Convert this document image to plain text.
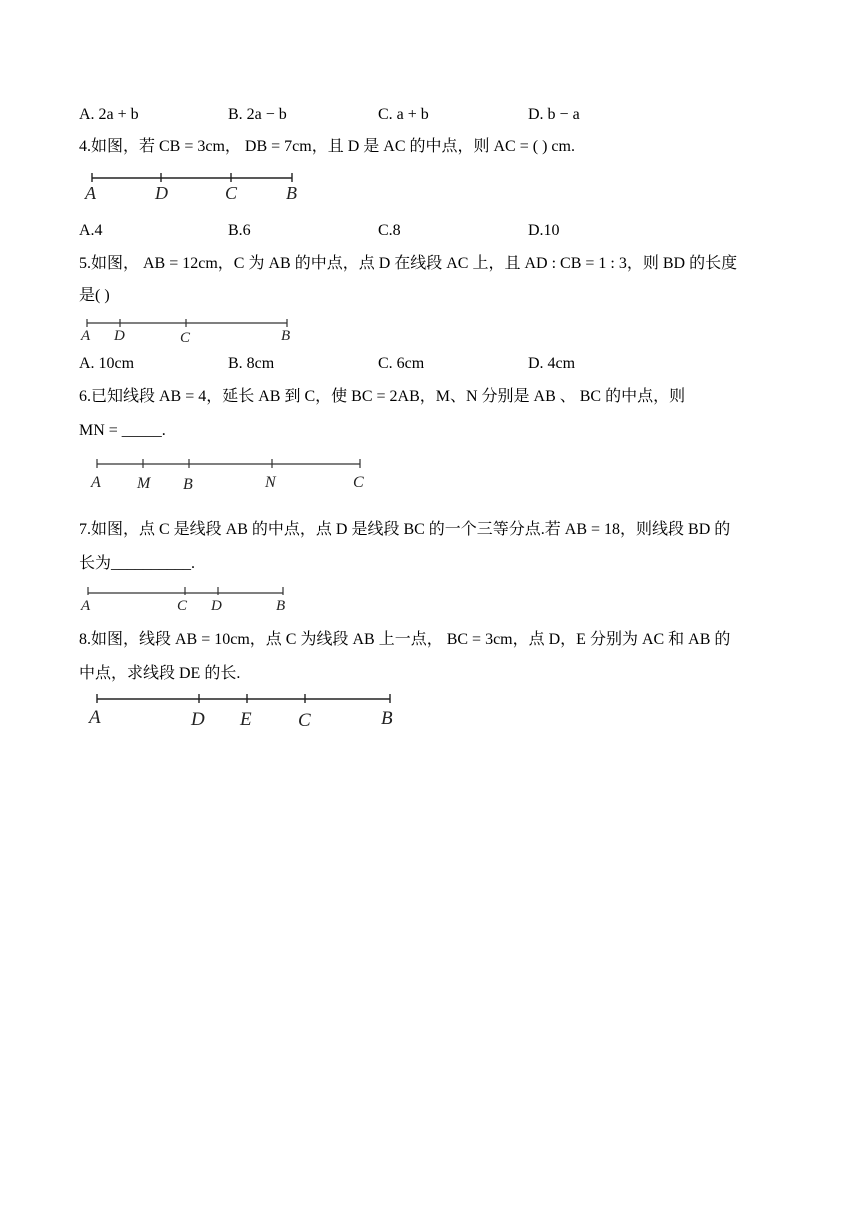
A. 2a + b	B. 2a − b	C. a + b	D. b − a
4.如图，若 CB = 3cm， DB = 7cm，且 D 是 AC 的中点，则 AC = ( ) cm.
A	D	C	B
A.4	B.6	C.8	D.10
5.如图， AB = 12cm，C 为 AB 的中点，点 D 在线段 AC 上，且 AD : CB = 1 : 3，则 BD 的长度
是( )
A D	C	B
A. 10cm	B. 8cm	C. 6cm	D. 4cm
6.已知线段 AB = 4，延长 AB 到 C，使 BC = 2AB，M、N 分别是 AB 、 BC 的中点，则
MN = _____.
A M B	N	C
7.如图，点 C 是线段 AB 的中点，点 D 是线段 BC 的一个三等分点.若 AB = 18，则线段 BD 的
长为__________.
A	C D	B
8.如图，线段 AB = 10cm，点 C 为线段 AB 上一点， BC = 3cm，点 D，E 分别为 AC 和 AB 的
中点，求线段 DE 的长.
A	D E C	B
